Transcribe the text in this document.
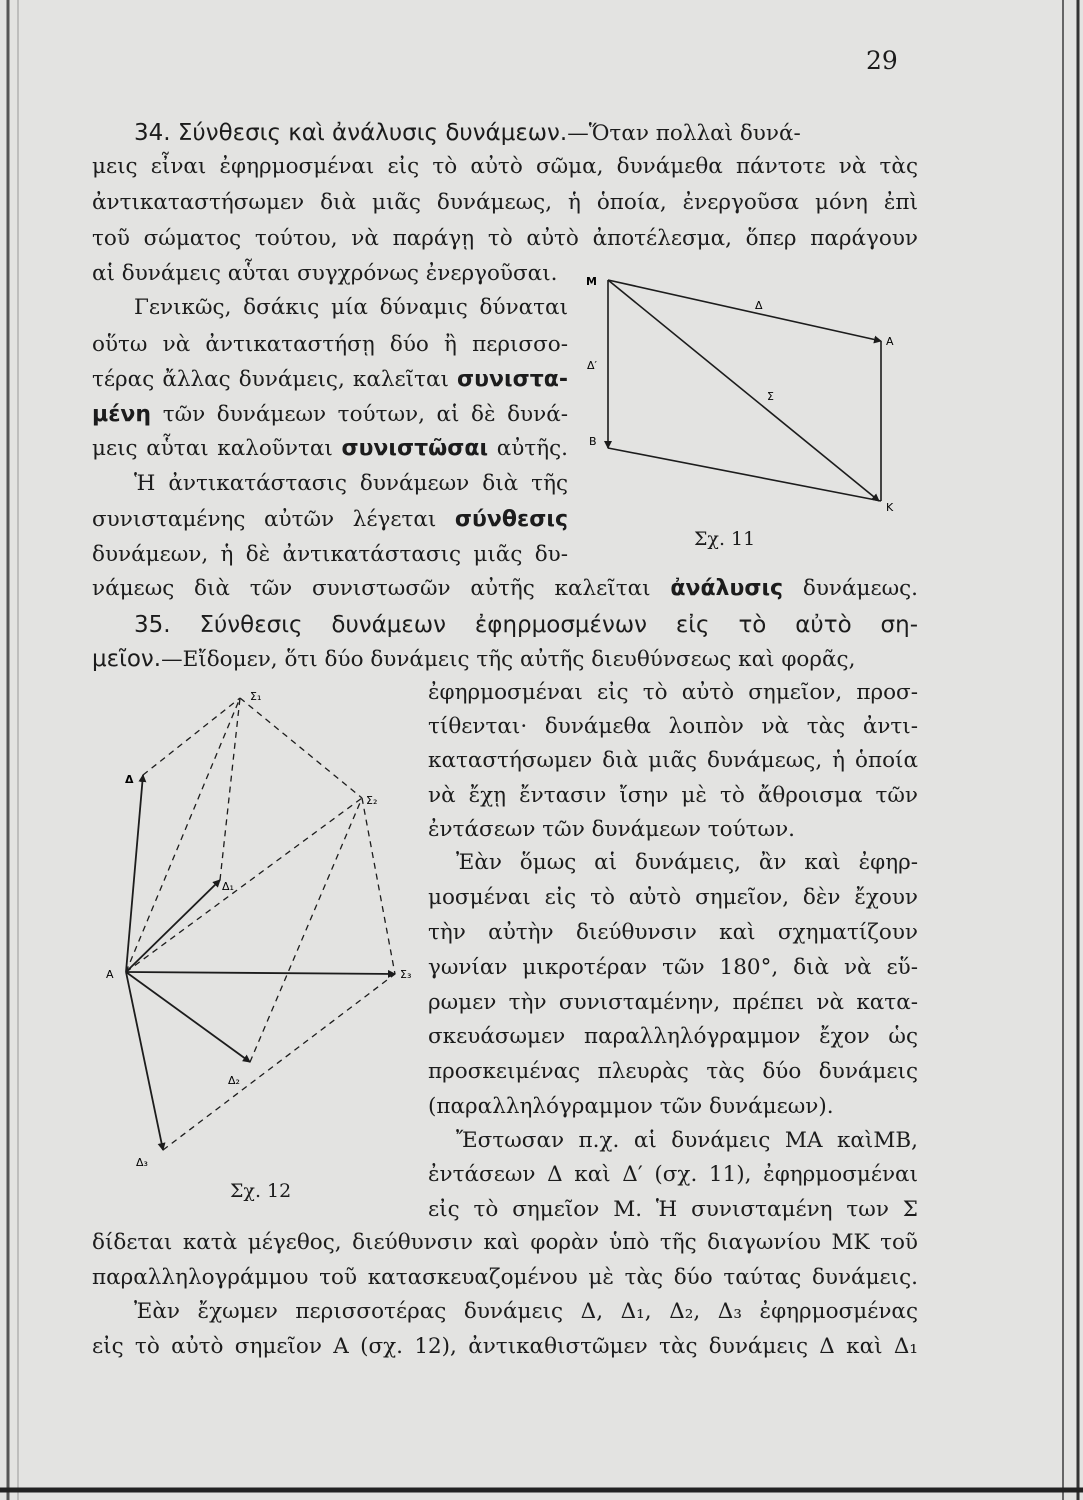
29
34. Σύνθεσις καὶ ἀνάλυσις δυνάμεων.—Ὅταν πολλαὶ δυνά-
μεις εἶναι ἐφηρμοσμέναι εἰς τὸ αὐτὸ σῶμα, δυνάμεθα πάντοτε νὰ τὰς
ἀντικαταστήσωμεν διὰ μιᾶς δυνάμεως, ἡ ὁποία, ἐνεργοῦσα μόνη ἐπὶ
τοῦ σώματος τούτου, νὰ παράγῃ τὸ αὐτὸ ἀποτέλεσμα, ὅπερ παράγουν
αἱ δυνάμεις αὗται συγχρόνως ἐνεργοῦσαι.
Γενικῶς, δσάκις μία δύναμις δύναται
οὕτω νὰ ἀντικαταστήσῃ δύο ἢ περισσο-
τέρας ἄλλας δυνάμεις, καλεῖται συνιστα-
μένη τῶν δυνάμεων τούτων, αἱ δὲ δυνά-
μεις αὗται καλοῦνται συνιστῶσαι αὐτῆς.
Ἡ ἀντικατάστασις δυνάμεων διὰ τῆς
συνισταμένης αὐτῶν λέγεται σύνθεσις
δυνάμεων, ἡ δὲ ἀντικατάστασις μιᾶς δυ-
νάμεως διὰ τῶν συνιστωσῶν αὐτῆς καλεῖται ἀνάλυσις δυνάμεως.
35. Σύνθεσις δυνάμεων ἐφηρμοσμένων εἰς τὸ αὐτὸ ση-
μεῖον.—Εἴδομεν, ὅτι δύο δυνάμεις τῆς αὐτῆς διευθύνσεως καὶ φορᾶς,
ἐφηρμοσμέναι εἰς τὸ αὐτὸ σημεῖον, προσ-
τίθενται· δυνάμεθα λοιπὸν νὰ τὰς ἀντι-
καταστήσωμεν διὰ μιᾶς δυνάμεως, ἡ ὁποία
νὰ ἔχῃ ἔντασιν ἴσην μὲ τὸ ἄθροισμα τῶν
ἐντάσεων τῶν δυνάμεων τούτων.
Ἐὰν ὅμως αἱ δυνάμεις, ἂν καὶ ἐφηρ-
μοσμέναι εἰς τὸ αὐτὸ σημεῖον, δὲν ἔχουν
τὴν αὐτὴν διεύθυνσιν καὶ σχηματίζουν
γωνίαν μικροτέραν τῶν 180°, διὰ νὰ εὕ-
ρωμεν τὴν συνισταμένην, πρέπει νὰ κατα-
σκευάσωμεν παραλληλόγραμμον ἔχον ὡς
προσκειμένας πλευρὰς τὰς δύο δυνάμεις
(παραλληλόγραμμον τῶν δυνάμεων).
Ἔστωσαν π.χ. αἱ δυνάμεις ΜΑ καὶΜΒ,
ἐντάσεων Δ καὶ Δ′ (σχ. 11), ἐφηρμοσμέναι
εἰς τὸ σημεῖον Μ. Ἡ συνισταμένη των Σ
δίδεται κατὰ μέγεθος, διεύθυνσιν καὶ φορὰν ὑπὸ τῆς διαγωνίου ΜΚ τοῦ
παραλληλογράμμου τοῦ κατασκευαζομένου μὲ τὰς δύο ταύτας δυνάμεις.
Ἐὰν ἔχωμεν περισσοτέρας δυνάμεις Δ, Δ₁, Δ₂, Δ₃ ἐφηρμοσμένας
εἰς τὸ αὐτὸ σημεῖον Α (σχ. 12), ἀντικαθιστῶμεν τὰς δυνάμεις Δ καὶ Δ₁
Μ
Α
Β
Κ
Δ
Δ′
Σ
Σχ. 11
Σ₁
Δ
Σ₂
Δ₁
Α	Σ₃
Δ₂
Δ₃
Σχ. 12
